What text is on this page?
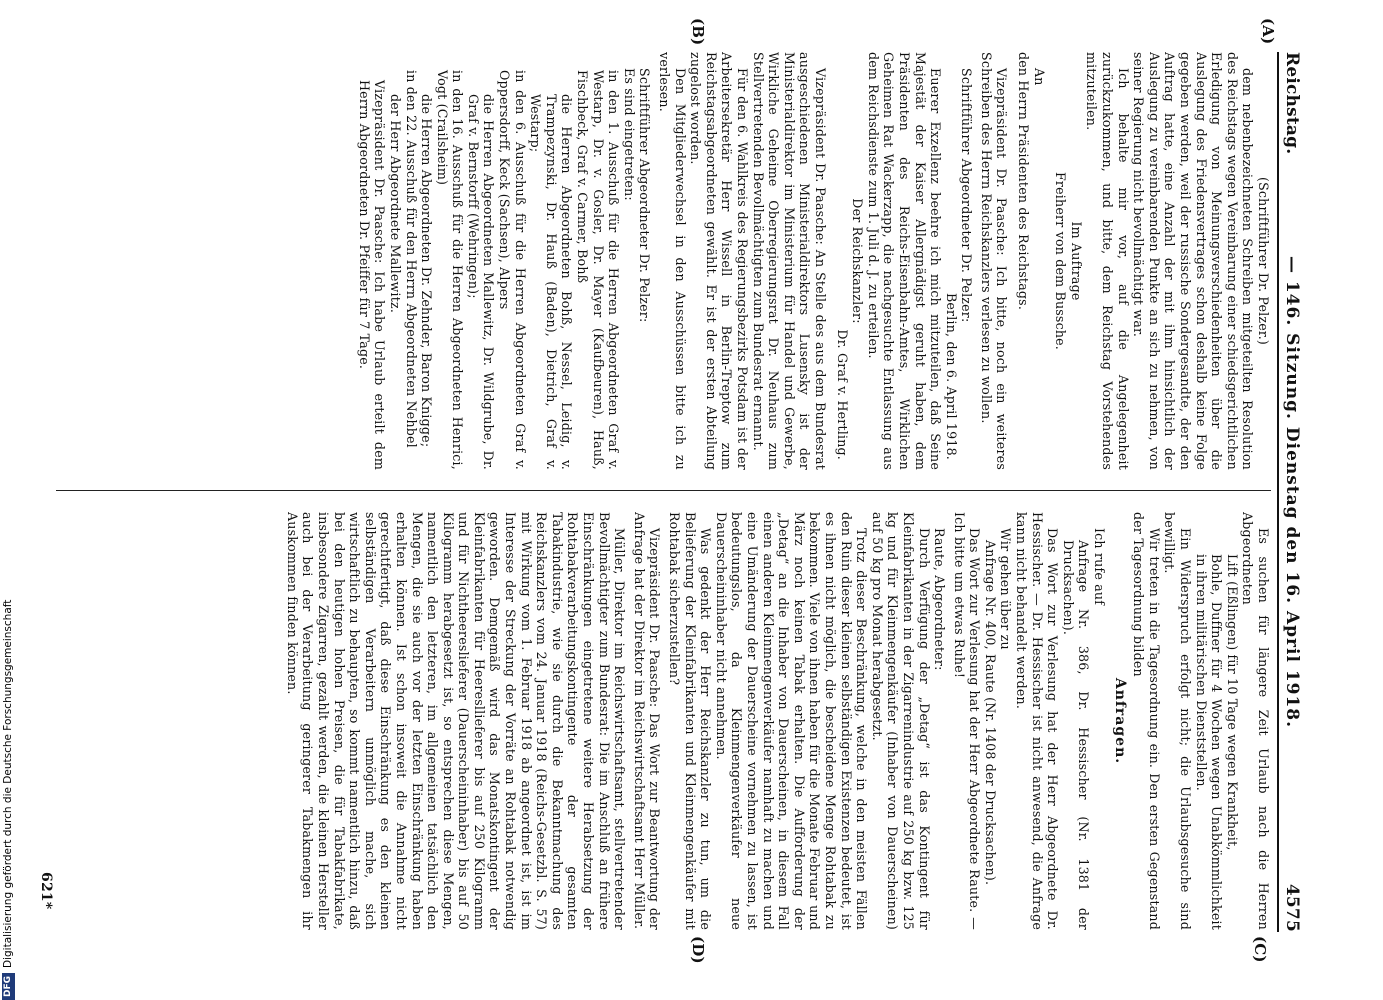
Reichstag.
— 146. Sitzung. Dienstag den 16. April 1918.
4575
(A)
(B)
(C)
(D)

(Schriftführer Dr. Pelzer.)

dem nebenbezeichneten Schreiben mitgeteilten Resolution des Reichstags wegen Vereinbarung einer schiedsgerichtlichen Erledigung von Meinungsverschiedenheiten über die Auslegung des Friedensvertrages schon deshalb keine Folge gegeben werden, weil der russische Sondergesandte, der den Auftrag hatte, eine Anzahl der mit ihm hinsichtlich der Auslegung zu vereinbarenden Punkte an sich zu nehmen, von seiner Regierung nicht bevollmächtigt war.

Ich behalte mir vor, auf die Angelegenheit zurückzukommen, und bitte, dem Reichstag Vorstehendes mitzuteilen.

Im Auftrage

Freiherr von dem Bussche.

An

den Herrn Präsidenten des Reichstags.

Vizepräsident Dr. Paasche: Ich bitte, noch ein weiteres Schreiben des Herrn Reichskanzlers verlesen zu wollen.

Schriftführer Abgeordneter Dr. Pelzer:

Berlin, den 6. April 1918.

Euerer Exzellenz beehre ich mich mitzuteilen, daß Seine Majestät der Kaiser Allergnädigst geruht haben, dem Präsidenten des Reichs-Eisenbahn-Amtes, Wirklichen Geheimen Rat Wackerzapp, die nachgesuchte Entlassung aus dem Reichsdienste zum 1. Juli d. J. zu erteilen.

Der Reichskanzler:

Dr. Graf v. Hertling.

Vizepräsident Dr. Paasche: An Stelle des aus dem Bundesrat ausgeschiedenen Ministerialdirektors Lusensky ist der Ministerialdirektor im Ministerium für Handel und Gewerbe, Wirkliche Geheime Oberregierungsrat Dr. Neuhaus zum Stellvertretenden Bevollmächtigten zum Bundesrat ernannt.

Für den 6. Wahlkreis des Regierungsbezirks Potsdam ist der Arbeitersekretär Herr Wissell in Berlin-Treptow zum Reichstagsabgeordneten gewählt. Er ist der ersten Abteilung zugelost worden.

Den Mitgliederwechsel in den Ausschüssen bitte ich zu verlesen.

Schriftführer Abgeordneter Dr. Pelzer:

Es sind eingetreten:

in den 1. Ausschuß für die Herren Abgeordneten Graf v. Westarp, Dr. v. Gosler, Dr. Mayer (Kaufbeuren), Hauß, Fischbeck, Graf v. Carmer, Bohß

die Herren Abgeordneten Bohß, Nessel, Leidig, v. Trampezynski, Dr. Hauß (Baden), Dietrich, Graf v. Westarp;

in den 6. Ausschuß für die Herren Abgeordneten Graf v. Oppersdorff, Keck (Sachsen), Alpers

die Herren Abgeordneten Mallewitz, Dr. Wildgrube, Dr. Graf v. Bernstorff (Wehringen);

in den 16. Ausschuß für die Herren Abgeordneten Henrici, Vogt (Crailsheim)

die Herren Abgeordneten Dr. Zehnder, Baron Knigge;

in den 22. Ausschuß für den Herrn Abgeordneten Nehbel

der Herr Abgeordnete Mallewitz.

Vizepräsident Dr. Paasche: Ich habe Urlaub erteilt dem Herrn Abgeordneten Dr. Pfeiffer für 7 Tage.

Es suchen für längere Zeit Urlaub nach die Herren Abgeordneten

Lift (Eßlingen) für 10 Tage wegen Krankheit,

Bohle, Duffner für 4 Wochen wegen Unabkömmlichkeit in ihren militärischen Dienststellen.

Ein Widerspruch erfolgt nicht; die Urlaubsgesuche sind bewilligt.

Wir treten in die Tagesordnung ein. Den ersten Gegenstand der Tagesordnung bilden

Anfragen.

Ich rufe auf

Anfrage Nr. 386, Dr. Hessischer (Nr. 1381 der Drucksachen).

Das Wort zur Verlesung hat der Herr Abgeordnete Dr. Hessischer. — Dr. Hessischer ist nicht anwesend, die Anfrage kann nicht behandelt werden.

Wir gehen über zu

Anfrage Nr. 400, Raute (Nr. 1408 der Drucksachen).

Das Wort zur Verlesung hat der Herr Abgeordnete Raute. — Ich bitte um etwas Ruhe!

Raute, Abgeordneter:

Durch Verfügung der „Detag“ ist das Kontingent für Kleinfabrikanten in der Zigarrenindustrie auf 250 kg bzw. 125 kg und für Kleinmengenkäufer (Inhaber von Dauerscheinen) auf 50 kg pro Monat herabgesetzt.

Trotz dieser Beschränkung, welche in den meisten Fällen den Ruin dieser kleinen selbständigen Existenzen bedeutet, ist es ihnen nicht möglich, die bescheidene Menge Rohtabak zu bekommen. Viele von ihnen haben für die Monate Februar und März noch keinen Tabak erhalten. Die Aufforderung der „Detag“ an die Inhaber von Dauerscheinen, in diesem Fall einen anderen Kleinmengenverkäufer namhaft zu machen und eine Umänderung der Dauerscheine vornehmen zu lassen, ist bedeutungslos, da Kleinmengenverkäufer neue Dauerscheininhaber nicht annehmen.

Was gedenkt der Herr Reichskanzler zu tun, um die Belieferung der Kleinfabrikanten und Kleinmengenkäufer mit Rohtabak sicherzustellen?

Vizepräsident Dr. Paasche: Das Wort zur Beantwortung der Anfrage hat der Direktor im Reichswirtschaftsamt Herr Müller.

Müller, Direktor im Reichswirtschaftsamt, stellvertretender Bevollmächtigter zum Bundesrat: Die im Anschluß an frühere Einschränkungen eingetretene weitere Herabsetzung der Rohtabakverarbeitungskontingente der gesamten Tabakindustrie, wie sie durch die Bekanntmachung des Reichskanzlers vom 24. Januar 1918 (Reichs-Gesetzbl. S. 57) mit Wirkung vom 1. Februar 1918 ab angeordnet ist, ist im Interesse der Streckung der Vorräte an Rohtabak notwendig geworden. Demgemäß wird das Monatskontingent der Kleinfabrikanten für Heeresllieferer bis auf 250 Kilogramm und für Nichtheereslieferer (Dauerscheininhaber) bis auf 50 Kilogramm herabgesetzt ist, so entsprechen diese Mengen, namentlich den letzteren, im allgemeinen tatsächlich den Mengen, die sie auch vor der letzten Einschränkung haben erhalten können. Ist schon insoweit die Annahme nicht gerechtfertigt, daß diese Einschränkung es den kleinen selbständigen Verarbeitern unmöglich mache, sich wirtschaftlich zu behaupten, so kommt namentlich hinzu, daß bei den heutigen hohen Preisen, die für Tabakfabrikate, insbesondere Zigarren, gezahlt werden, die kleinen Hersteller auch bei der Verarbeitung geringerer Tabakmengen ihr Auskommen finden können.

621*
DFGDigitalisierung gefördert durch die Deutsche Forschungsgemeinschaft
